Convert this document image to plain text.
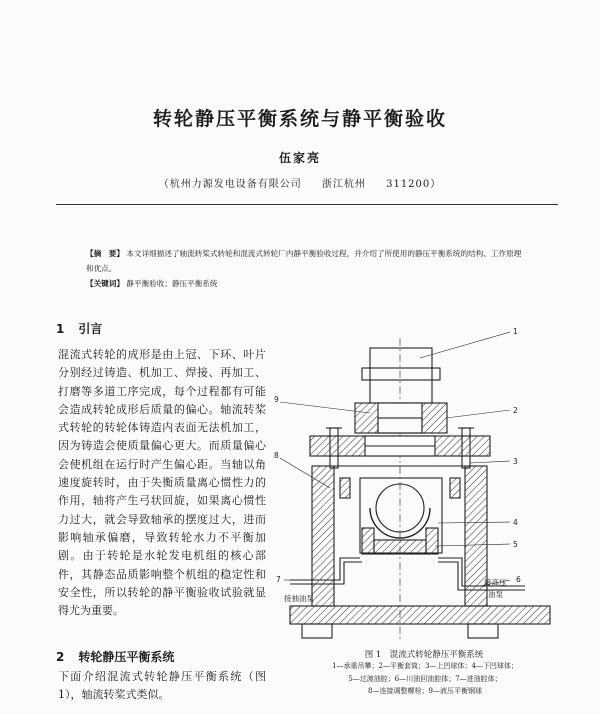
转轮静压平衡系统与静平衡验收
伍家亮
（杭州力源发电设备有限公司 浙江杭州 311200）
【摘　要】 本文详细描述了轴流转桨式转轮和混流式转轮厂内静平衡验收过程，并介绍了所使用的静压平衡系统的结构、工作原理和优点。
【关键词】 静平衡验收；静压平衡系统
1 引言
混流式转轮的成形是由上冠、下环、叶片分别经过铸造、机加工、焊接、再加工、打磨等多道工序完成，每个过程都有可能会造成转轮成形后质量的偏心。轴流转桨式转轮的转轮体铸造内表面无法机加工，因为铸造会使质量偏心更大。而质量偏心会使机组在运行时产生偏心距。当轴以角速度旋转时，由于失衡质量离心惯性力的作用，轴将产生弓状回旋，如果离心惯性力过大，就会导致轴承的摆度过大，进而影响轴承偏磨，导致转轮水力不平衡加剧。由于转轮是水轮发电机组的核心部件，其静态品质影响整个机组的稳定性和安全性，所以转轮的静平衡验收试验就显得尤为重要。
2 转轮静压平衡系统
下面介绍混流式转轮静压平衡系统（图 1），轴流转桨式类似。
1
2
3
4
5
6
7
8
9
接抽油泵
接高压
油泵
图 1　混流式转轮静压平衡系统
1—承重吊攀；2—平衡套筒；3—上凹球体；4—下凹球体；
5—过渡油腔；6—川油回油腔体；7—进油腔体；
8—连接调整螺栓；9—液压平衡钢球
